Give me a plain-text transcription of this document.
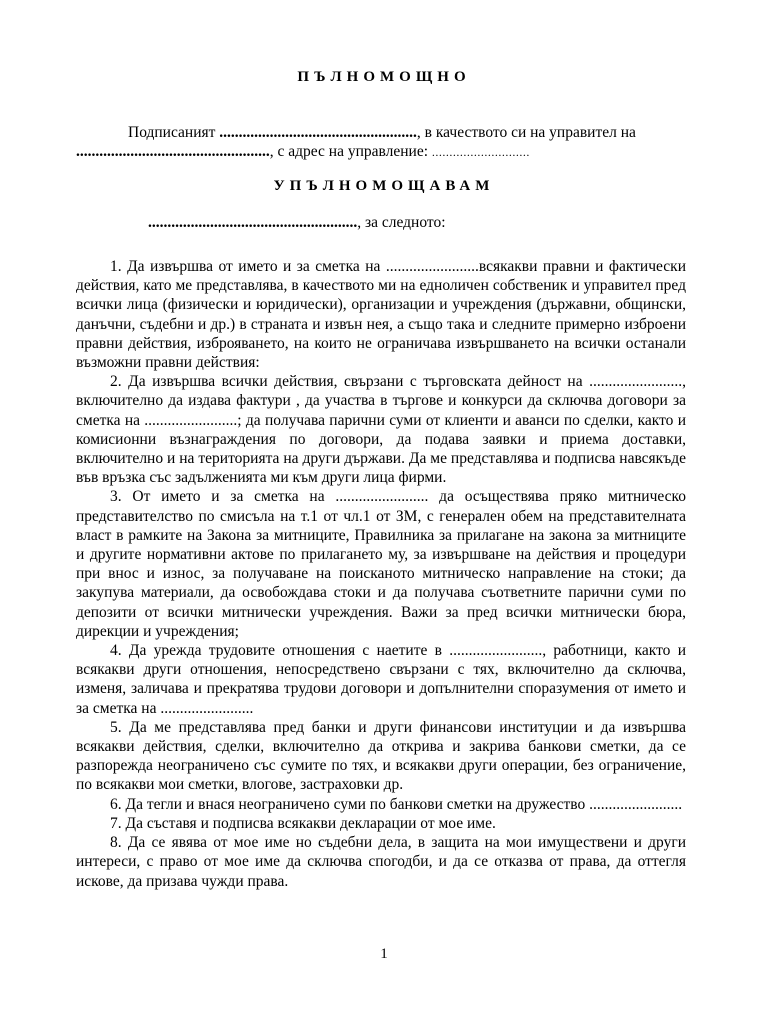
ПЪЛНОМОЩНО
Подписаният ..................................................., в качеството си на управител на
.................................................., с адрес на управление: ............................
УПЪЛНОМОЩАВАМ
......................................................, за следното:

1. Да извършва от името и за сметка на ........................всякакви правни и фактически действия, като ме представлява, в качеството ми на едноличен собственик и управител пред всички лица (физически и юридически), организации и учреждения (държавни, общински, данъчни, съдебни и др.) в страната и извън нея, а също така и следните примерно изброени правни действия, изброяването, на които не ограничава извършването на всички останали възможни правни действия:

2. Да извършва всички действия, свързани с търговската дейност на ........................, включително да издава фактури , да участва в търгове и конкурси да сключва договори за сметка на ........................; да получава парични суми от клиенти и аванси по сделки, както и комисионни възнаграждения по договори, да подава заявки и приема доставки, включително и на територията на други държави. Да ме представлява и подписва навсякъде във връзка със задълженията ми към други лица фирми.

3. От името и за сметка на ........................ да осъществява пряко митническо представителство по смисъла на т.1 от чл.1 от ЗМ, с генерален обем на представителната власт в рамките на Закона за митниците, Правилника за прилагане на закона за митниците и другите нормативни актове по прилагането му, за извършване на действия и процедури при внос и износ, за получаване на поисканото митническо направление на стоки; да закупува материали, да освобождава стоки и да получава съответните парични суми по депозити от всички митнически учреждения. Важи за пред всички митнически бюра, дирекции и учреждения;

4. Да урежда трудовите отношения с наетите в ........................, работници, както и всякакви други отношения, непосредствено свързани с тях, включително да сключва, изменя, заличава и прекратява трудови договори и допълнителни споразумения от името и за сметка на ........................

5. Да ме представлява пред банки и други финансови институции и да извършва всякакви действия, сделки, включително да открива и закрива банкови сметки, да се разпорежда неограничено със сумите по тях, и всякакви други операции, без ограничение, по всякакви мои сметки, влогове, застраховки др.

6. Да тегли и внася неограничено суми по банкови сметки на дружество ........................

7. Да съставя и подписва всякакви декларации от мое име.

8. Да се явява от мое име но съдебни дела, в защита на мои имуществени и други интереси, с право от мое име да сключва спогодби, и да се отказва от права, да оттегля искове, да призава чужди права.

1
